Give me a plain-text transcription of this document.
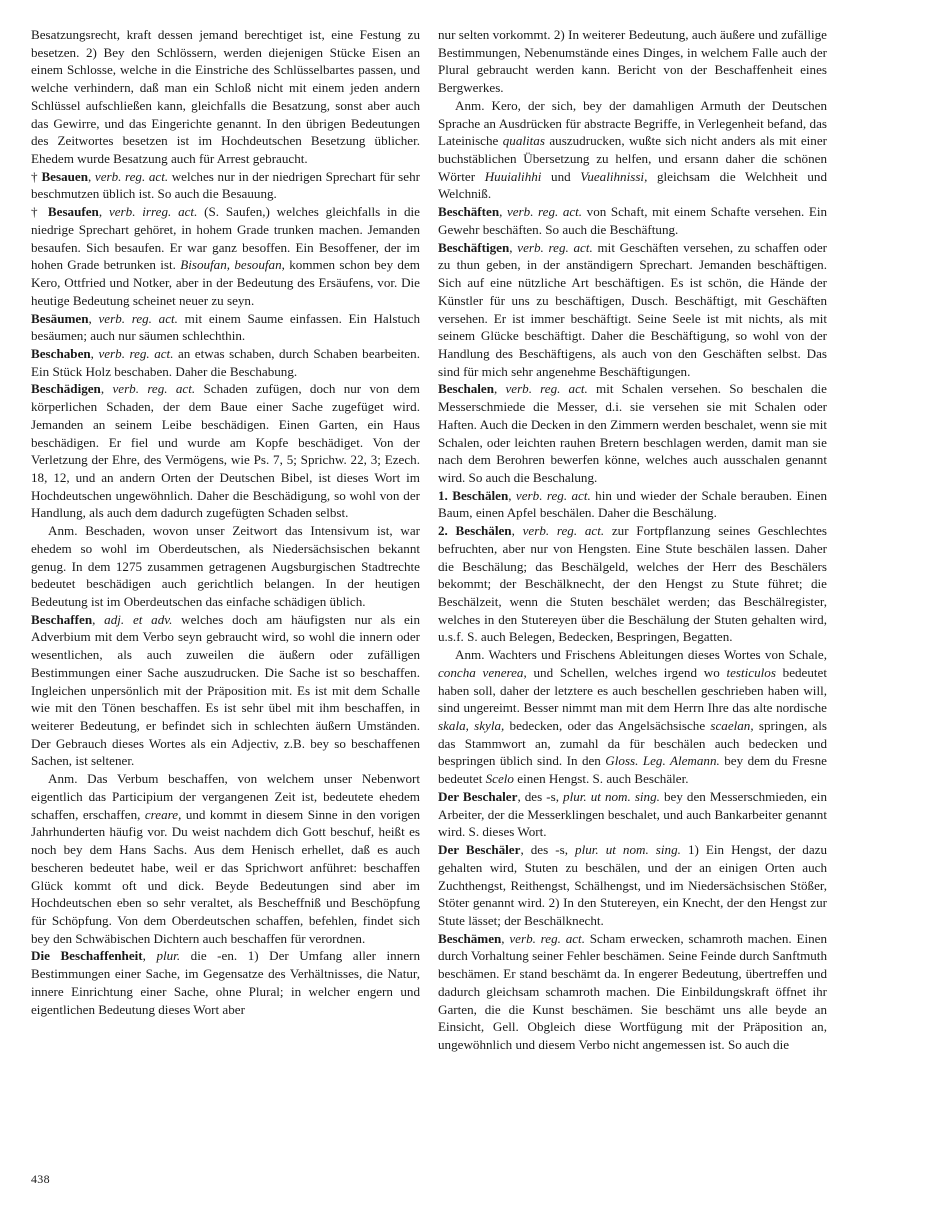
Besatzungsrecht, kraft dessen jemand berechtiget ist, eine Festung zu besetzen. 2) Bey den Schlössern, werden diejenigen Stücke Eisen an einem Schlosse, welche in die Einstriche des Schlüsselbartes passen, und welche verhindern, daß man ein Schloß nicht mit einem jeden andern Schlüssel aufschließen kann, gleichfalls die Besatzung, sonst aber auch das Gewirre, und das Eingerichte genannt. In den übrigen Bedeutungen des Zeitwortes besetzen ist im Hochdeutschen Besetzung üblicher. Ehedem wurde Besatzung auch für Arrest gebraucht.

† Besauen, verb. reg. act. welches nur in der niedrigen Sprechart für sehr beschmutzen üblich ist. So auch die Besauung.

† Besaufen, verb. irreg. act. (S. Saufen,) welches gleichfalls in die niedrige Sprechart gehöret, in hohem Grade trunken machen. Jemanden besaufen. Sich besaufen. Er war ganz besoffen. Ein Besoffener, der im hohen Grade betrunken ist. Bisoufan, besoufan, kommen schon bey dem Kero, Ottfried und Notker, aber in der Bedeutung des Ersäufens, vor. Die heutige Bedeutung scheinet neuer zu seyn.

Besäumen, verb. reg. act. mit einem Saume einfassen. Ein Halstuch besäumen; auch nur säumen schlechthin.

Beschaben, verb. reg. act. an etwas schaben, durch Schaben bearbeiten. Ein Stück Holz beschaben. Daher die Beschabung.

Beschädigen, verb. reg. act. Schaden zufügen, doch nur von dem körperlichen Schaden, der dem Baue einer Sache zugefüget wird. Jemanden an seinem Leibe beschädigen. Einen Garten, ein Haus beschädigen. Er fiel und wurde am Kopfe beschädiget. Von der Verletzung der Ehre, des Vermögens, wie Ps. 7, 5; Sprichw. 22, 3; Ezech. 18, 12, und an andern Orten der Deutschen Bibel, ist dieses Wort im Hochdeutschen ungewöhnlich. Daher die Beschädigung, so wohl von der Handlung, als auch dem dadurch zugefügten Schaden selbst.

Anm. Beschaden, wovon unser Zeitwort das Intensivum ist, war ehedem so wohl im Oberdeutschen, als Niedersächsischen bekannt genug. In dem 1275 zusammen getragenen Augsburgischen Stadtrechte bedeutet beschädigen auch gerichtlich belangen. In der heutigen Bedeutung ist im Oberdeutschen das einfache schädigen üblich.

Beschaffen, adj. et adv. welches doch am häufigsten nur als ein Adverbium mit dem Verbo seyn gebraucht wird, so wohl die innern oder wesentlichen, als auch zuweilen die äußern oder zufälligen Bestimmungen einer Sache auszudrucken. Die Sache ist so beschaffen. Ingleichen unpersönlich mit der Präposition mit. Es ist mit dem Schalle wie mit den Tönen beschaffen. Es ist sehr übel mit ihm beschaffen, in weiterer Bedeutung, er befindet sich in schlechten äußern Umständen. Der Gebrauch dieses Wortes als ein Adjectiv, z.B. bey so beschaffenen Sachen, ist seltener.

Anm. Das Verbum beschaffen, von welchem unser Nebenwort eigentlich das Participium der vergangenen Zeit ist, bedeutete ehedem schaffen, erschaffen, creare, und kommt in diesem Sinne in den vorigen Jahrhunderten häufig vor. Du weist nachdem dich Gott beschuf, heißt es noch bey dem Hans Sachs. Aus dem Henisch erhellet, daß es auch bescheren bedeutet habe, weil er das Sprichwort anführet: beschaffen Glück kommt oft und dick. Beyde Bedeutungen sind aber im Hochdeutschen eben so sehr veraltet, als Bescheffniß und Beschöpfung für Schöpfung. Von dem Oberdeutschen schaffen, befehlen, findet sich bey den Schwäbischen Dichtern auch beschaffen für verordnen.

Die Beschaffenheit, plur. die -en. 1) Der Umfang aller innern Bestimmungen einer Sache, im Gegensatze des Verhältnisses, die Natur, innere Einrichtung einer Sache, ohne Plural; in welcher engern und eigentlichen Bedeutung dieses Wort aber

nur selten vorkommt. 2) In weiterer Bedeutung, auch äußere und zufällige Bestimmungen, Nebenumstände eines Dinges, in welchem Falle auch der Plural gebraucht werden kann. Bericht von der Beschaffenheit eines Bergwerkes.

Anm. Kero, der sich, bey der damahligen Armuth der Deutschen Sprache an Ausdrücken für abstracte Begriffe, in Verlegenheit befand, das Lateinische qualitas auszudrucken, wußte sich nicht anders als mit einer buchstäblichen Übersetzung zu helfen, und ersann daher die schönen Wörter Huuialihhi und Vuealihnissi, gleichsam die Welchheit und Welchniß.

Beschäften, verb. reg. act. von Schaft, mit einem Schafte versehen. Ein Gewehr beschäften. So auch die Beschäftung.

Beschäftigen, verb. reg. act. mit Geschäften versehen, zu schaffen oder zu thun geben, in der anständigern Sprechart. Jemanden beschäftigen. Sich auf eine nützliche Art beschäftigen. Es ist schön, die Hände der Künstler für uns zu beschäftigen, Dusch. Beschäftigt, mit Geschäften versehen. Er ist immer beschäftigt. Seine Seele ist mit nichts, als mit seinem Glücke beschäftigt. Daher die Beschäftigung, so wohl von der Handlung des Beschäftigens, als auch von den Geschäften selbst. Das sind für mich sehr angenehme Beschäftigungen.

Beschalen, verb. reg. act. mit Schalen versehen. So beschalen die Messerschmiede die Messer, d.i. sie versehen sie mit Schalen oder Haften. Auch die Decken in den Zimmern werden beschalet, wenn sie mit Schalen, oder leichten rauhen Bretern beschlagen werden, damit man sie nach dem Berohren bewerfen könne, welches auch ausschalen genannt wird. So auch die Beschalung.

1. Beschälen, verb. reg. act. hin und wieder der Schale berauben. Einen Baum, einen Apfel beschälen. Daher die Beschälung.

2. Beschälen, verb. reg. act. zur Fortpflanzung seines Geschlechtes befruchten, aber nur von Hengsten. Eine Stute beschälen lassen. Daher die Beschälung; das Beschälgeld, welches der Herr des Beschälers bekommt; der Beschälknecht, der den Hengst zu Stute führet; die Beschälzeit, wenn die Stuten beschälet werden; das Beschälregister, welches in den Stutereyen über die Beschälung der Stuten gehalten wird, u.s.f. S. auch Belegen, Bedecken, Bespringen, Begatten.

Anm. Wachters und Frischens Ableitungen dieses Wortes von Schale, concha venerea, und Schellen, welches irgend wo testiculos bedeutet haben soll, daher der letztere es auch beschellen geschrieben haben will, sind ungereimt. Besser nimmt man mit dem Herrn Ihre das alte nordische skala, skyla, bedecken, oder das Angelsächsische scaelan, springen, als das Stammwort an, zumahl da für beschälen auch bedecken und bespringen üblich sind. In den Gloss. Leg. Alemann. bey dem du Fresne bedeutet Scelo einen Hengst. S. auch Beschäler.

Der Beschaler, des -s, plur. ut nom. sing. bey den Messerschmieden, ein Arbeiter, der die Messerklingen beschalet, und auch Bankarbeiter genannt wird. S. dieses Wort.

Der Beschäler, des -s, plur. ut nom. sing. 1) Ein Hengst, der dazu gehalten wird, Stuten zu beschälen, und der an einigen Orten auch Zuchthengst, Reithengst, Schälhengst, und im Niedersächsischen Stößer, Stöter genannt wird. 2) In den Stutereyen, ein Knecht, der den Hengst zur Stute lässet; der Beschälknecht.

Beschämen, verb. reg. act. Scham erwecken, schamroth machen. Einen durch Vorhaltung seiner Fehler beschämen. Seine Feinde durch Sanftmuth beschämen. Er stand beschämt da. In engerer Bedeutung, übertreffen und dadurch gleichsam schamroth machen. Die Einbildungskraft öffnet ihr Garten, die die Kunst beschämen. Sie beschämt uns alle beyde an Einsicht, Gell. Obgleich diese Wortfügung mit der Präposition an, ungewöhnlich und diesem Verbo nicht angemessen ist. So auch die

438
